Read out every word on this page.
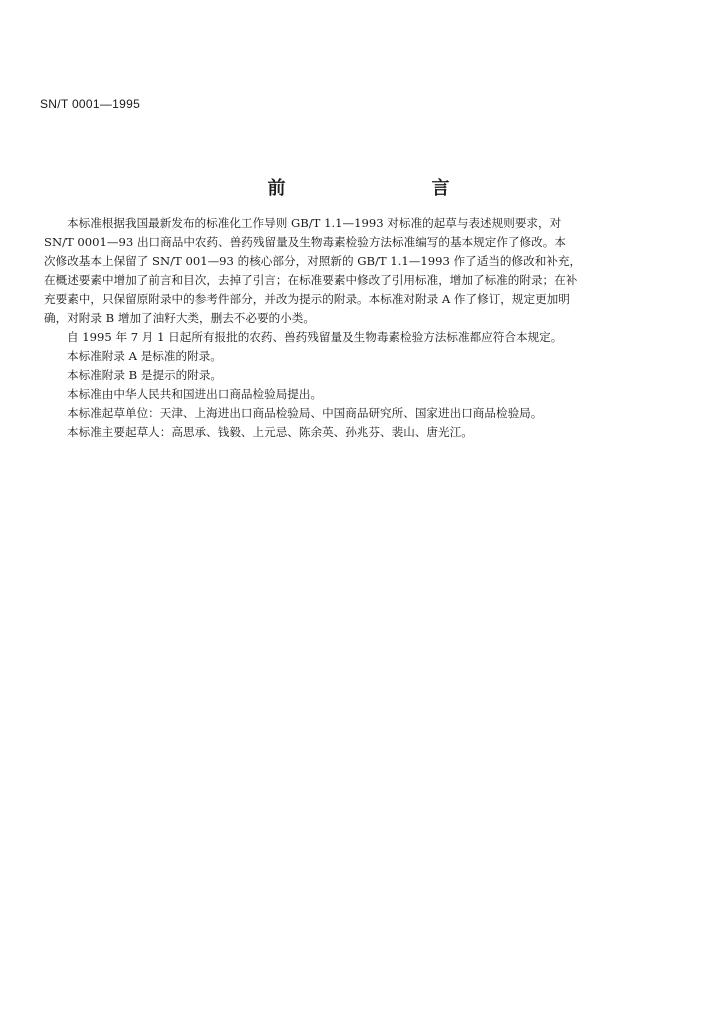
SN/T 0001—1995
前　言
本标准根据我国最新发布的标准化工作导则 GB/T 1.1—1993 对标准的起草与表述规则要求，对
SN/T 0001—93 出口商品中农药、兽药残留量及生物毒素检验方法标准编写的基本规定作了修改。本
次修改基本上保留了 SN/T 001—93 的核心部分，对照新的 GB/T 1.1—1993 作了适当的修改和补充，
在概述要素中增加了前言和目次，去掉了引言；在标准要素中修改了引用标准，增加了标准的附录；在补
充要素中，只保留原附录中的参考件部分，并改为提示的附录。本标准对附录 A 作了修订，规定更加明
确，对附录 B 增加了油籽大类，删去不必要的小类。
自 1995 年 7 月 1 日起所有报批的农药、兽药残留量及生物毒素检验方法标准都应符合本规定。
本标准附录 A 是标准的附录。
本标准附录 B 是提示的附录。
本标准由中华人民共和国进出口商品检验局提出。
本标准起草单位：天津、上海进出口商品检验局、中国商品研究所、国家进出口商品检验局。
本标准主要起草人：高思承、钱毅、上元忌、陈余英、孙兆芬、裴山、唐光江。
